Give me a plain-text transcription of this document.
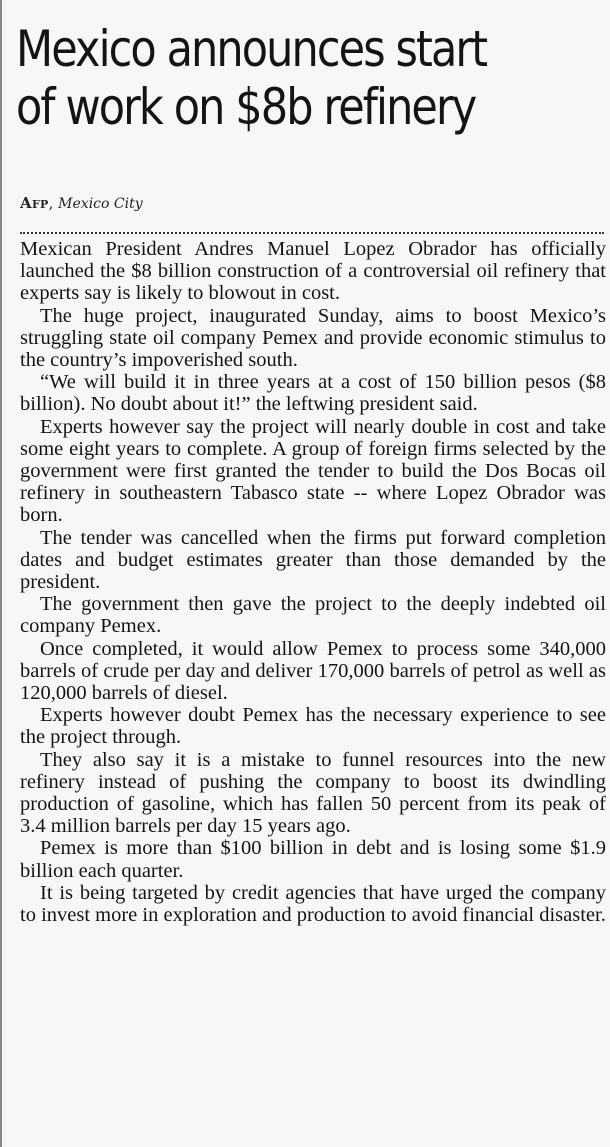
Mexico announces start
of work on $8b refinery
Afp, Mexico City

Mexican President Andres Manuel Lopez Obrador has officially launched the $8 billion construction of a controversial oil refinery that experts say is likely to blowout in cost.

The huge project, inaugurated Sunday, aims to boost Mexico’s struggling state oil company Pemex and provide economic stimulus to the country’s impoverished south.

“We will build it in three years at a cost of 150 billion pesos ($8 billion). No doubt about it!” the leftwing president said.

Experts however say the project will nearly double in cost and take some eight years to complete. A group of foreign firms selected by the government were first granted the tender to build the Dos Bocas oil refinery in southeastern Tabasco state -- where Lopez Obrador was born.

The tender was cancelled when the firms put forward completion dates and budget estimates greater than those demanded by the president.

The government then gave the project to the deeply indebted oil company Pemex.

Once completed, it would allow Pemex to process some 340,000 barrels of crude per day and deliver 170,000 barrels of petrol as well as 120,000 barrels of diesel.

Experts however doubt Pemex has the necessary experience to see the project through.

They also say it is a mistake to funnel resources into the new refinery instead of pushing the company to boost its dwindling production of gasoline, which has fallen 50 percent from its peak of 3.4 million barrels per day 15 years ago.

Pemex is more than $100 billion in debt and is losing some $1.9 billion each quarter.

It is being targeted by credit agencies that have urged the company to invest more in exploration and production to avoid financial disaster.
